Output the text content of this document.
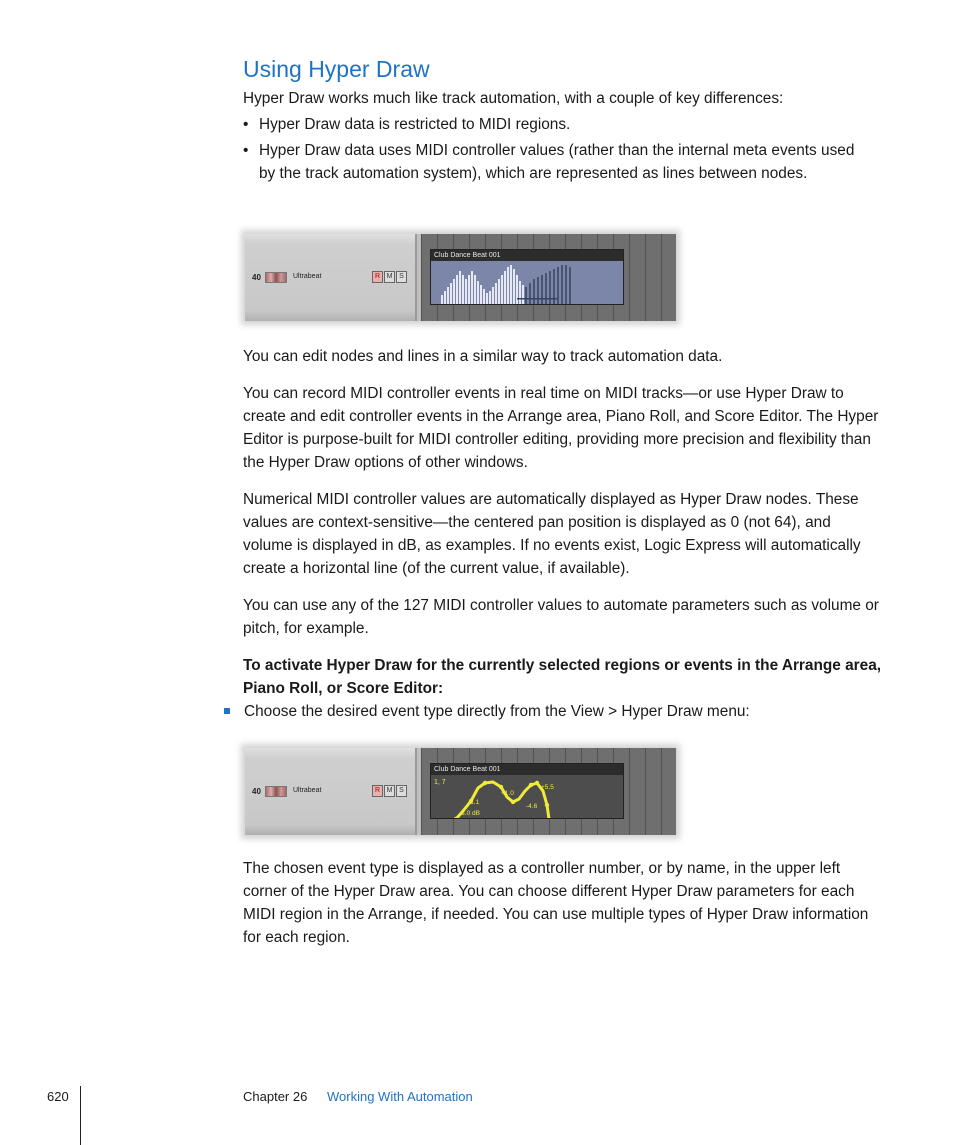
Using Hyper Draw

Hyper Draw works much like track automation, with a couple of key differences:

• Hyper Draw data is restricted to MIDI regions.
• Hyper Draw data uses MIDI controller values (rather than the internal meta events used by the track automation system), which are represented as lines between nodes.
40	Ultrabeat	R M S
Club Dance Beat 001

You can edit nodes and lines in a similar way to track automation data.

You can record MIDI controller events in real time on MIDI tracks—or use Hyper Draw to create and edit controller events in the Arrange area, Piano Roll, and Score Editor. The Hyper Editor is purpose-built for MIDI controller editing, providing more precision and flexibility than the Hyper Draw options of other windows.

Numerical MIDI controller values are automatically displayed as Hyper Draw nodes. These values are context-sensitive—the centered pan position is displayed as 0 (not 64), and volume is displayed in dB, as examples. If no events exist, Logic Express will automatically create a horizontal line (of the current value, if available).

You can use any of the 127 MIDI controller values to automate parameters such as volume or pitch, for example.

To activate Hyper Draw for the currently selected regions or events in the Arrange area, Piano Roll, or Score Editor:
Choose the desired event type directly from the View > Hyper Draw menu:
40	Ultrabeat	R M S
Club Dance Beat 001
1, 7
-3.0 dB
-1.1
+1.0
+5.5
-4.6

The chosen event type is displayed as a controller number, or by name, in the upper left corner of the Hyper Draw area. You can choose different Hyper Draw parameters for each MIDI region in the Arrange, if needed. You can use multiple types of Hyper Draw information for each region.

620	Chapter 26 Working With Automation
